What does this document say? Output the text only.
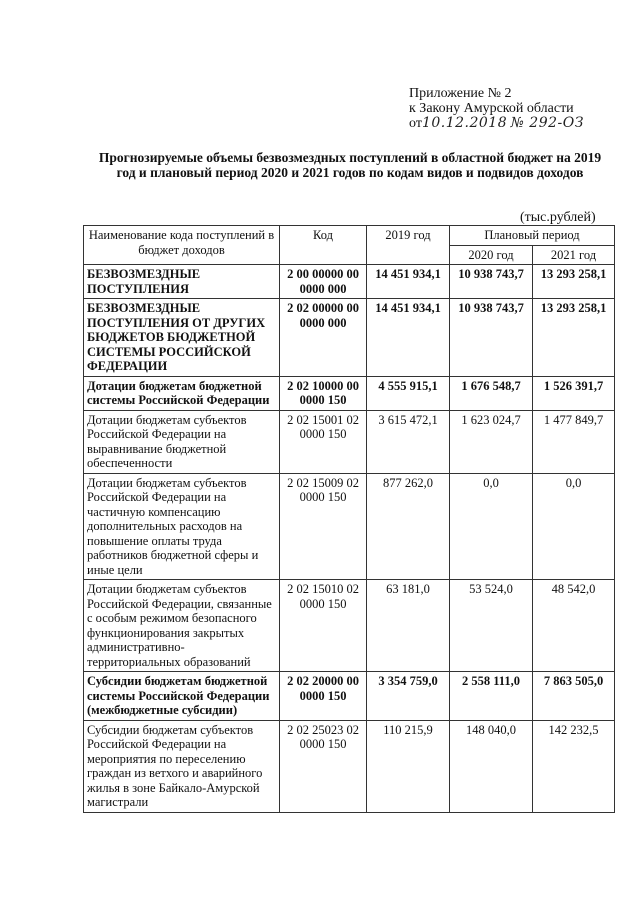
Приложение № 2
к Закону Амурской области
от10.12.2018 № 292-ОЗ
Прогнозируемые объемы безвозмездных поступлений в областной бюджет на 2019 год и плановый период 2020 и 2021 годов по кодам видов и подвидов доходов
(тыс.рублей)
Наименование кода поступлений в бюджет доходов	Код	2019 год	Плановый период	
			2020 год	2021 год
БЕЗВОЗМЕЗДНЫЕ ПОСТУПЛЕНИЯ	2 00 00000 00 0000 000	14 451 934,1	10 938 743,7	13 293 258,1
БЕЗВОЗМЕЗДНЫЕ ПОСТУПЛЕНИЯ ОТ ДРУГИХ БЮДЖЕТОВ БЮДЖЕТНОЙ СИСТЕМЫ РОССИЙСКОЙ ФЕДЕРАЦИИ	2 02 00000 00 0000 000	14 451 934,1	10 938 743,7	13 293 258,1
Дотации бюджетам бюджетной системы Российской Федерации	2 02 10000 00 0000 150	4 555 915,1	1 676 548,7	1 526 391,7
Дотации бюджетам субъектов Российской Федерации на выравнивание бюджетной обеспеченности	2 02 15001 02 0000 150	3 615 472,1	1 623 024,7	1 477 849,7
Дотации бюджетам субъектов Российской Федерации на частичную компенсацию дополнительных расходов на повышение оплаты труда работников бюджетной сферы и иные цели	2 02 15009 02 0000 150	877 262,0	0,0	0,0
Дотации бюджетам субъектов Российской Федерации, связанные с особым режимом безопасного функционирования закрытых административно-территориальных образований	2 02 15010 02 0000 150	63 181,0	53 524,0	48 542,0
Субсидии бюджетам бюджетной системы Российской Федерации (межбюджетные субсидии)	2 02 20000 00 0000 150	3 354 759,0	2 558 111,0	7 863 505,0
Субсидии бюджетам субъектов Российской Федерации на мероприятия по переселению граждан из ветхого и аварийного жилья в зоне Байкало-Амурской магистрали	2 02 25023 02 0000 150	110 215,9	148 040,0	142 232,5
